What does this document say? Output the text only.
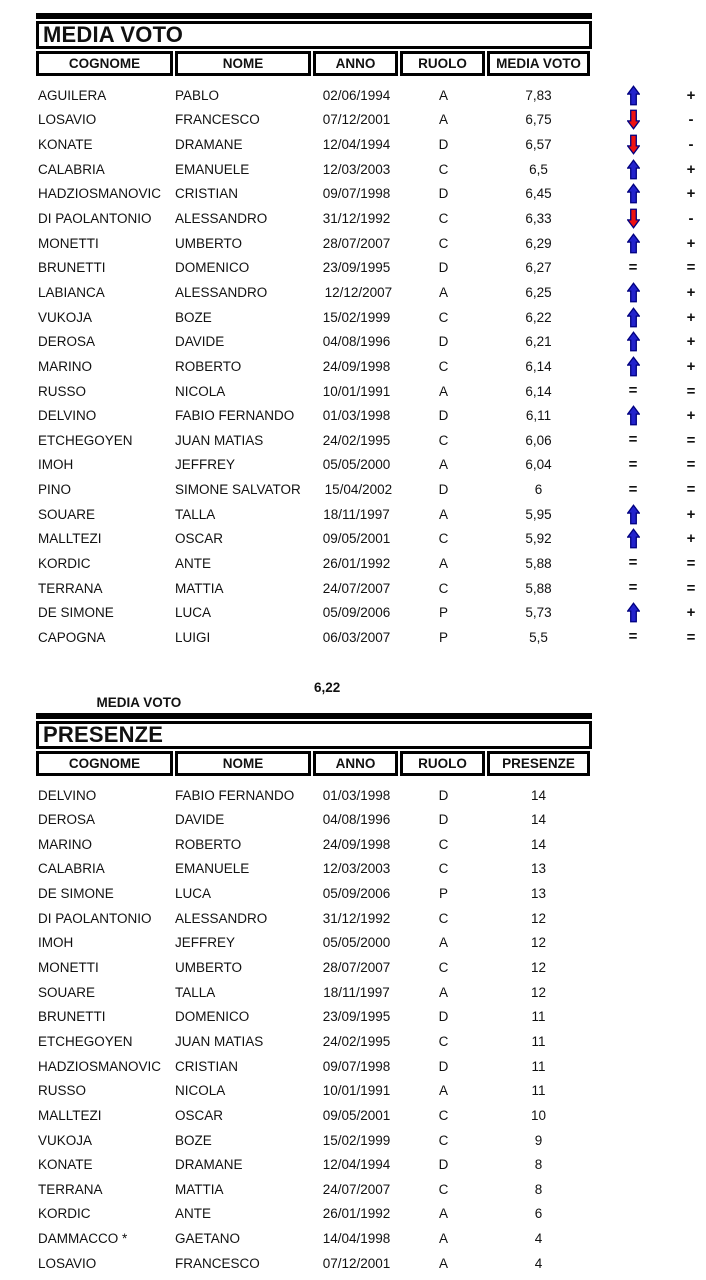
MEDIA VOTO
COGNOME	NOME	ANNO	RUOLO	MEDIA VOTO
AGUILERA	PABLO	02/06/1994	A	7,83	+
LOSAVIO	FRANCESCO	07/12/2001	A	6,75	-
KONATE	DRAMANE	12/04/1994	D	6,57	-
CALABRIA	EMANUELE	12/03/2003	C	6,5	+
HADZIOSMANOVIC	CRISTIAN	09/07/1998	D	6,45	+
DI PAOLANTONIO	ALESSANDRO	31/12/1992	C	6,33	-
MONETTI	UMBERTO	28/07/2007	C	6,29	+
BRUNETTI	DOMENICO	23/09/1995	D	6,27	=	=
LABIANCA	ALESSANDRO	12/12/2007	A	6,25	+
VUKOJA	BOZE	15/02/1999	C	6,22	+
DEROSA	DAVIDE	04/08/1996	D	6,21	+
MARINO	ROBERTO	24/09/1998	C	6,14	+
RUSSO	NICOLA	10/01/1991	A	6,14	=	=
DELVINO	FABIO FERNANDO	01/03/1998	D	6,11	+
ETCHEGOYEN	JUAN MATIAS	24/02/1995	C	6,06	=	=
IMOH	JEFFREY	05/05/2000	A	6,04	=	=
PINO	SIMONE SALVATOR	15/04/2002	D	6	=	=
SOUARE	TALLA	18/11/1997	A	5,95	+
MALLTEZI	OSCAR	09/05/2001	C	5,92	+
KORDIC	ANTE	26/01/1992	A	5,88	=	=
TERRANA	MATTIA	24/07/2007	C	5,88	=	=
DE SIMONE	LUCA	05/09/2006	P	5,73	+
CAPOGNA	LUIGI	06/03/2007	P	5,5	=	=

MEDIA VOTO

6,22

PRESENZE
COGNOME	NOME	ANNO	RUOLO	PRESENZE
DELVINO	FABIO FERNANDO	01/03/1998	D	14
DEROSA	DAVIDE	04/08/1996	D	14
MARINO	ROBERTO	24/09/1998	C	14
CALABRIA	EMANUELE	12/03/2003	C	13
DE SIMONE	LUCA	05/09/2006	P	13
DI PAOLANTONIO	ALESSANDRO	31/12/1992	C	12
IMOH	JEFFREY	05/05/2000	A	12
MONETTI	UMBERTO	28/07/2007	C	12
SOUARE	TALLA	18/11/1997	A	12
BRUNETTI	DOMENICO	23/09/1995	D	11
ETCHEGOYEN	JUAN MATIAS	24/02/1995	C	11
HADZIOSMANOVIC	CRISTIAN	09/07/1998	D	11
RUSSO	NICOLA	10/01/1991	A	11
MALLTEZI	OSCAR	09/05/2001	C	10
VUKOJA	BOZE	15/02/1999	C	9
KONATE	DRAMANE	12/04/1994	D	8
TERRANA	MATTIA	24/07/2007	C	8
KORDIC	ANTE	26/01/1992	A	6
DAMMACCO *	GAETANO	14/04/1998	A	4
LOSAVIO	FRANCESCO	07/12/2001	A	4
